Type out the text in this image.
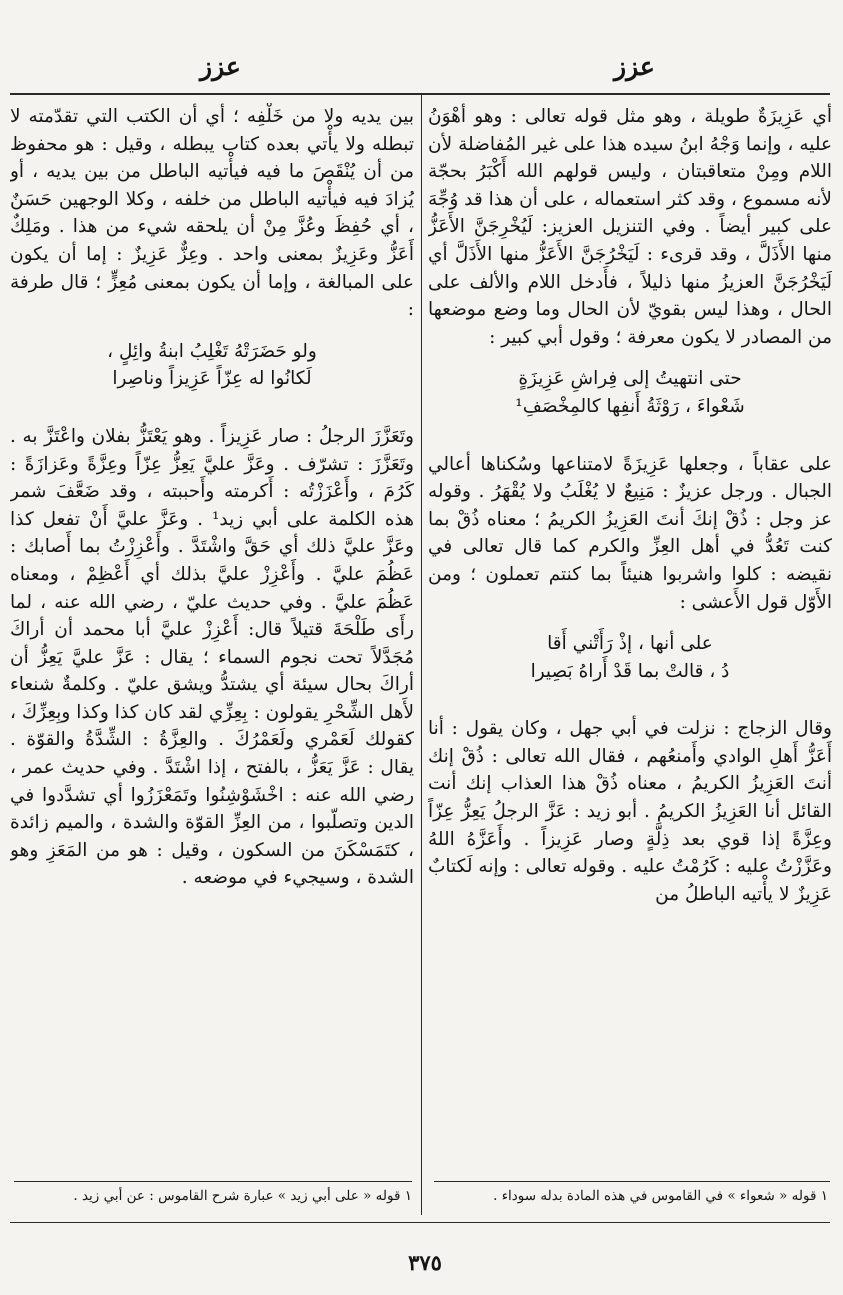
عزز
عزز

أي عَزِيزَةٌ طويلة ، وهو مثل قوله تعالى : وهو أَهْوَنُ عليه ، وإنما وَجْهُ ابنُ سيده هذا على غير المُفاضلة لأن اللام ومِنْ متعاقبتان ، وليس قولهم الله أَكْبَرُ بحجّة لأنه مسموع ، وقد كثر استعماله ، على أن هذا قد وُجِّهَ على كبير أيضاً . وفي التنزيل العزيز: لَيُخْرِجَنَّ الأَعَزُّ منها الأَذَلَّ ، وقد قرىء : لَيَخْرُجَنَّ الأَعَزُّ منها الأَذَلَّ أي لَيَخْرُجَنَّ العزيزُ منها ذليلاً ، فأَدخل اللام والألف على الحال ، وهذا ليس بقويّ لأن الحال وما وضع موضعها من المصادر لا يكون معرفة ؛ وقول أبي كبير :

حتى انتهيتُ إلى فِراشِ عَزِيزَةٍ

شَعْواءَ ، رَوْثَةُ أَنفِها كالمِخْصَفِ¹

على عقاباً ، وجعلها عَزِيزَةً لامتناعها وسُكناها أعالي الجبال . ورجل عزيزٌ : مَنِيعٌ لا يُغْلَبُ ولا يُقْهَرُ . وقوله عز وجل : ذُقْ إنكَ أنتَ العَزِيزُ الكريمُ ؛ معناه ذُقْ بما كنت تَعُدُّ في أهل العِزِّ والكرم كما قال تعالى في نقيضه : كلوا واشربوا هنيئاً بما كنتم تعملون ؛ ومن الأَوّل قول الأَعشى :

على أنها ، إذْ رَأَتْني أَقا

دُ ، قالتْ بما قَدْ أَراهُ بَصِيرا

وقال الزجاج : نزلت في أبي جهل ، وكان يقول : أنا أَعَزُّ أَهلِ الوادي وأَمنعُهم ، فقال الله تعالى : ذُقْ إنك أنتَ العَزِيزُ الكريمُ ، معناه ذُقْ هذا العذاب إنك أنت القائل أنا العَزِيزُ الكريمُ . أبو زيد : عَزَّ الرجلُ يَعِزُّ عِزّاً وعِزَّةً إذا قوي بعد ذِلَّةٍ وصار عَزِيزاً . وأَعَزَّهُ اللهُ وعَزَّزْتُ عليه : كَرُمْتُ عليه . وقوله تعالى : وإنه لَكتابٌ عَزِيزٌ لا يأْتيه الباطلُ من

بين يديه ولا من خَلْفِه ؛ أي أن الكتب التي تقدّمته لا تبطله ولا يأْتي بعده كتاب يبطله ، وقيل : هو محفوظ من أن يُنْقَصَ ما فيه فيأْتيه الباطل من بين يديه ، أو يُزادَ فيه فيأْتيه الباطل من خلفه ، وكلا الوجهين حَسَنٌ ، أي حُفِظَ وعُزَّ مِنْ أن يلحقه شيء من هذا . ومَلِكٌ أَعَزُّ وعَزِيزٌ بمعنى واحد . وعِزٌّ عَزِيزٌ : إما أن يكون على المبالغة ، وإما أن يكون بمعنى مُعِزٍّ ؛ قال طرفة :

ولو حَضَرَتْهُ تَغْلِبُ ابنةُ وائِلٍ ،

لَكانُوا له عِزّاً عَزِيزاً وناصِرا

وتَعَزَّزَ الرجلُ : صار عَزِيزاً . وهو يَعْتَزُّ بفلان واعْتَزَّ به . وتَعَزَّزَ : تشرّف . وعَزَّ عليَّ يَعِزُّ عِزّاً وعِزَّةً وعَزازَةً : كَرُمَ ، وأَعْزَزْتُه : أَكرمته وأَحببته ، وقد ضَعَّفَ شمر هذه الكلمة على أبي زيد¹ . وعَزَّ عليَّ أَنْ تفعل كذا وعَزَّ عليَّ ذلك أي حَقَّ واشْتَدَّ . وأَعْزِزْتُ بما أَصابك : عَظُمَ عليَّ . وأَعْزِزْ عليَّ بذلك أي أَعْظِمْ ، ومعناه عَظُمَ عليَّ . وفي حديث عليّ ، رضي الله عنه ، لما رأَى طَلْحَةَ قتيلاً قال: أَعْزِزْ عليَّ أبا محمد أن أراكَ مُجَدَّلاً تحت نجوم السماء ؛ يقال : عَزَّ عليَّ يَعِزُّ أن أراكَ بحال سيئة أي يشتدُّ ويشق عليّ . وكلمةٌ شنعاء لأَهل الشِّحْرِ يقولون : بِعِزِّي لقد كان كذا وكذا وبِعِزِّكَ ، كقولك لَعَمْري ولَعَمْرُكَ . والعِزَّةُ : الشِّدَّةُ والقوّة . يقال : عَزَّ يَعَزُّ ، بالفتح ، إذا اشْتَدَّ . وفي حديث عمر ، رضي الله عنه : اخْشَوْشِنُوا وتَمَعْزَزُوا أي تشدَّدوا في الدين وتصلّبوا ، من العِزِّ القوّة والشدة ، والميم زائدة ، كتَمَسْكَنَ من السكون ، وقيل : هو من المَعَزِ وهو الشدة ، وسيجيء في موضعه .

١ قوله « شعواء » في القاموس في هذه المادة بدله سوداء .
١ قوله « على أبي زيد » عبارة شرح القاموس : عن أبي زيد .
٣٧٥
